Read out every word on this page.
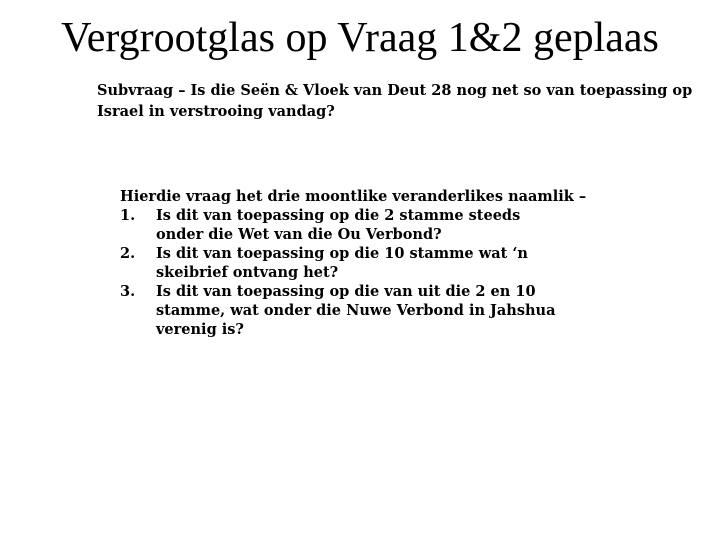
Vergrootglas op Vraag 1&2 geplaas

Subvraag – Is die Seën & Vloek van Deut 28 nog net so van toepassing op Israel in verstrooing vandag?

Hierdie vraag het drie moontlike veranderlikes naamlik –

1. Is dit van toepassing op die 2 stamme steeds onder die Wet van die Ou Verbond?
2. Is dit van toepassing op die 10 stamme wat ‘n skeibrief ontvang het?
3. Is dit van toepassing op die van uit die 2 en 10 stamme, wat onder die Nuwe Verbond in Jahshua verenig is?
